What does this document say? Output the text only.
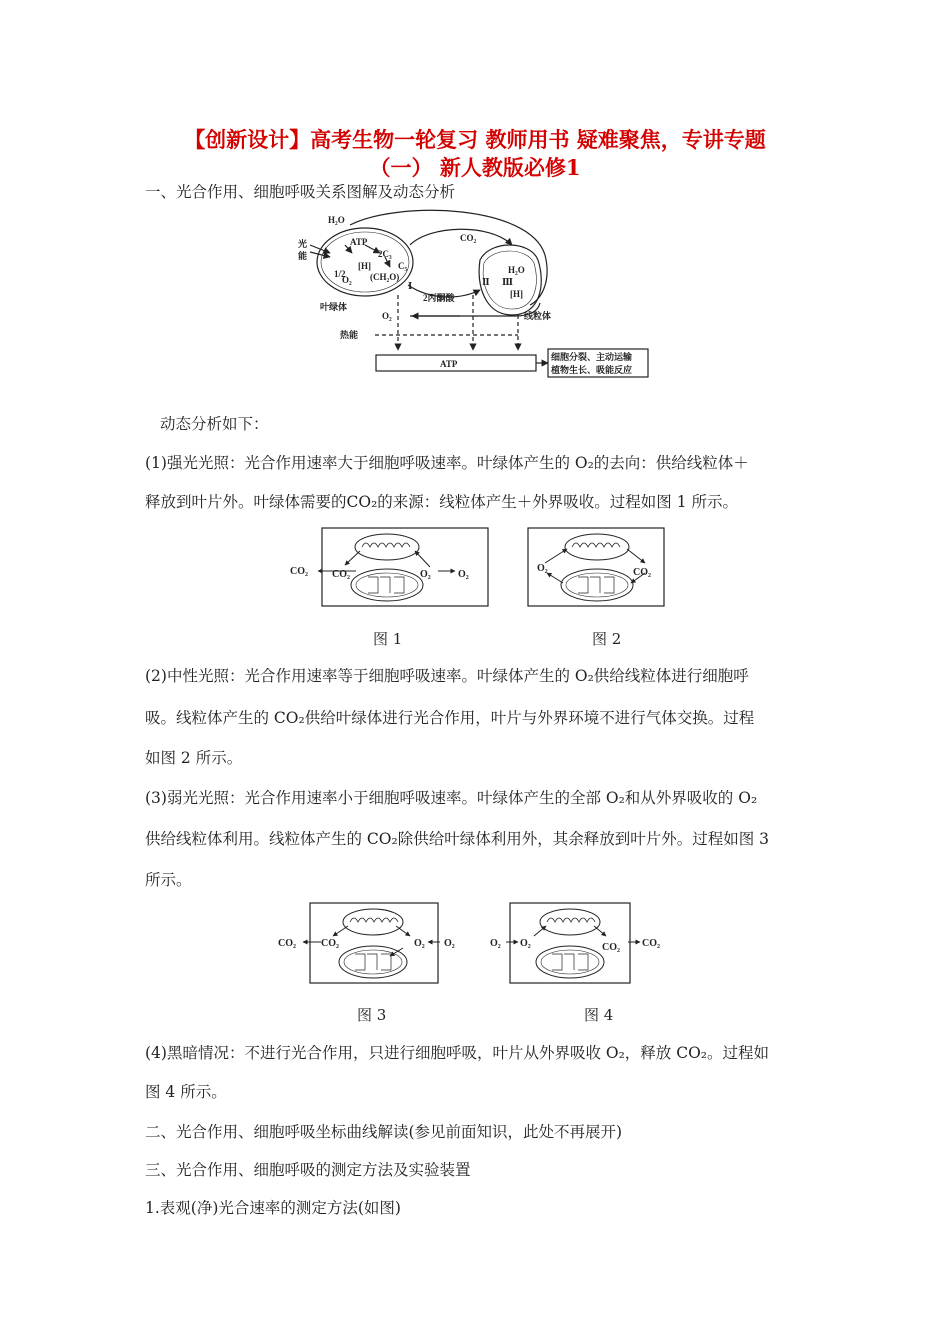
【创新设计】高考生物一轮复习 教师用书 疑难聚焦，专讲专题
（一） 新人教版必修1
一、光合作用、细胞呼吸关系图解及动态分析
H₂O
光
能
ATP
[H]
2C₃
C₅
(CH₂O)
1/2
O₂
Ⅰ
2丙酮酸
CO₂
Ⅱ Ⅲ
H₂O
[H]
叶绿体
O₂	线粒体
热能
ATP
细胞分裂、主动运输
植物生长、吸能反应
动态分析如下：
(1)强光光照：光合作用速率大于细胞呼吸速率。叶绿体产生的 O₂的去向：供给线粒体＋
释放到叶片外。叶绿体需要的CO₂的来源：线粒体产生＋外界吸收。过程如图 1 所示。
CO₂ CO₂	O₂	O₂
O₂	CO₂
图 1	图 2
(2)中性光照：光合作用速率等于细胞呼吸速率。叶绿体产生的 O₂供给线粒体进行细胞呼
吸。线粒体产生的 CO₂供给叶绿体进行光合作用，叶片与外界环境不进行气体交换。过程
如图 2 所示。
(3)弱光光照：光合作用速率小于细胞呼吸速率。叶绿体产生的全部 O₂和从外界吸收的 O₂
供给线粒体利用。线粒体产生的 CO₂除供给叶绿体利用外，其余释放到叶片外。过程如图 3
所示。
CO₂	CO₂	O₂ O₂	O₂ O₂	CO₂ CO₂
图 3	图 4
(4)黑暗情况：不进行光合作用，只进行细胞呼吸，叶片从外界吸收 O₂，释放 CO₂。过程如
图 4 所示。
二、光合作用、细胞呼吸坐标曲线解读(参见前面知识，此处不再展开)
三、光合作用、细胞呼吸的测定方法及实验装置
1.表观(净)光合速率的测定方法(如图)
